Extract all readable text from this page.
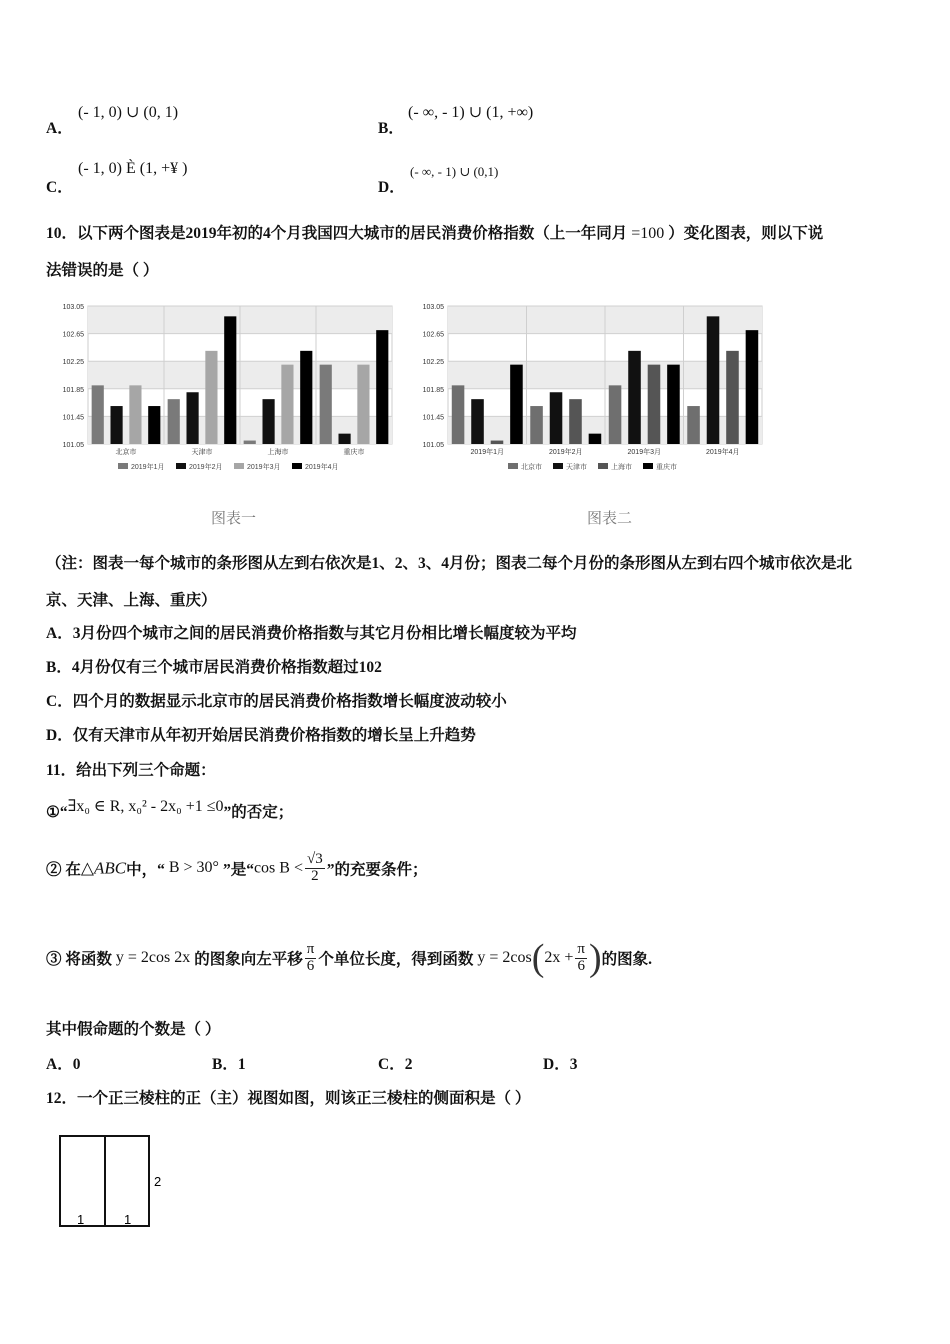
A．
(- 1, 0) ∪ (0, 1)
B．
(- ∞, - 1) ∪ (1, +∞)
C．
(- 1, 0) È (1, +¥ )
D．
(- ∞, - 1) ∪ (0,1)
10．以下两个图表是2019年初的4个月我国四大城市的居民消费价格指数（上一年同月 =100 ）变化图表，则以下说
法错误的是（ ）
103.05
102.65
102.25
101.85
101.45
101.05
北京市	天津市	上海市	重庆市
2019年1月	2019年2月	2019年3月	2019年4月
103.05
102.65
102.25
101.85
101.45
101.05
2019年1月	2019年2月	2019年3月	2019年4月
北京市	天津市	上海市	重庆市
图表一	图表二
（注：图表一每个城市的条形图从左到右依次是1、2、3、4月份；图表二每个月份的条形图从左到右四个城市依次是北
京、天津、上海、重庆）
A．3月份四个城市之间的居民消费价格指数与其它月份相比增长幅度较为平均
B．4月份仅有三个城市居民消费价格指数超过102
C．四个月的数据显示北京市的居民消费价格指数增长幅度波动较小
D．仅有天津市从年初开始居民消费价格指数的增长呈上升趋势
11．给出下列三个命题：
①“∃x₀ ∈ R, x₀² - 2x₀ +1 ≤0”的否定；
② 在△ABC中，“ B > 30° ”是“cos $B < \frac{√3}{2}$ ”的充要条件；
③ 将函数 y = 2cos 2x 的图象向左平移 $\frac{\pi}{6}$ 个单位长度，得到函数 $y = 2\cos(2x + \frac{\pi}{6}$ )的图象.
其中假命题的个数是（ ）
A．0	B．1	C．2	D．3
12．一个正三棱柱的正（主）视图如图，则该正三棱柱的侧面积是（ ）
2
1	1
